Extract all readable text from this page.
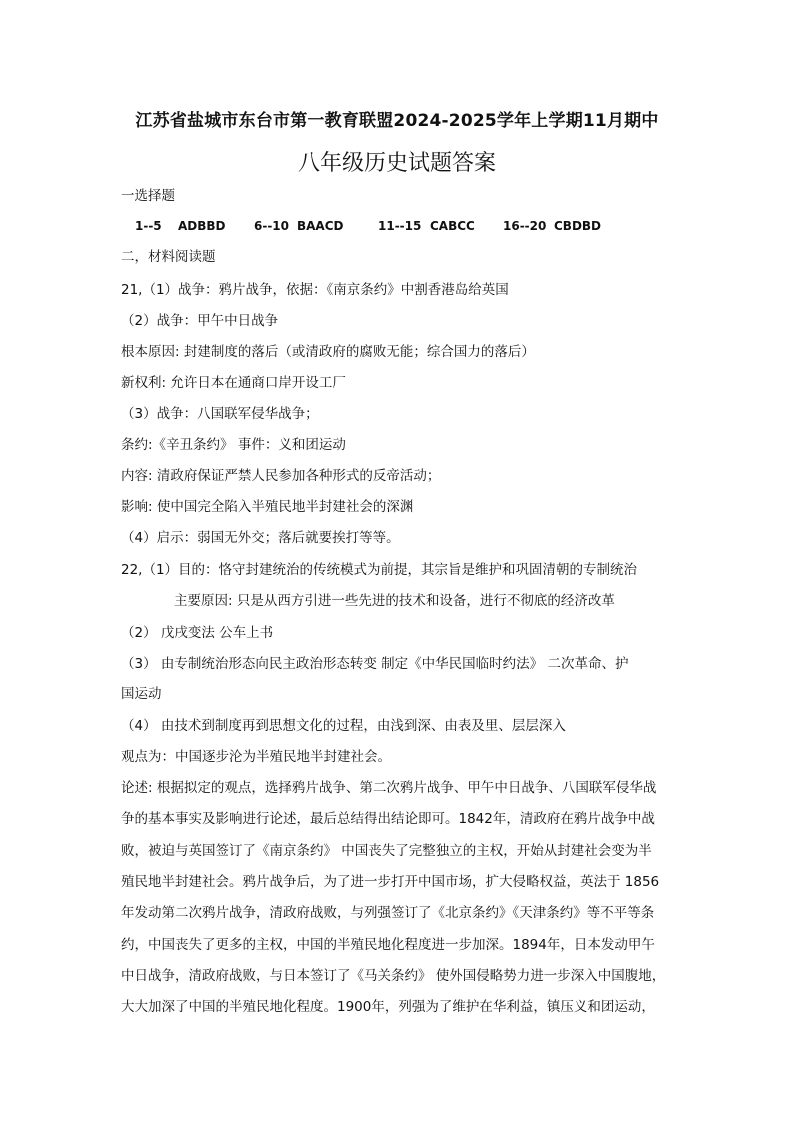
江苏省盐城市东台市第一教育联盟2024-2025学年上学期11月期中
八年级历史试题答案
一选择题
1--5 ADBBD 6--10 BAACD	11--15 CABCC 16--20 CBDBD
二，材料阅读题
21,（1）战争：鸦片战争，依据：《南京条约》中割香港岛给英国
（2）战争：甲午中日战争
根本原因: 封建制度的落后（或清政府的腐败无能；综合国力的落后）
新权利: 允许日本在通商口岸开设工厂
（3）战争：八国联军侵华战争；
条约:《辛丑条约》 事件：义和团运动
内容: 清政府保证严禁人民参加各种形式的反帝活动；
影响: 使中国完全陷入半殖民地半封建社会的深渊
（4）启示：弱国无外交；落后就要挨打等等。
22,（1）目的：恪守封建统治的传统模式为前提，其宗旨是维护和巩固清朝的专制统治
主要原因: 只是从西方引进一些先进的技术和设备，进行不彻底的经济改革
（2） 戊戌变法 公车上书
（3） 由专制统治形态向民主政治形态转变 制定《中华民国临时约法》 二次革命、护
国运动
（4） 由技术到制度再到思想文化的过程，由浅到深、由表及里、层层深入
观点为：中国逐步沦为半殖民地半封建社会。
论述: 根据拟定的观点，选择鸦片战争、第二次鸦片战争、甲午中日战争、八国联军侵华战
争的基本事实及影响进行论述，最后总结得出结论即可。1842年，清政府在鸦片战争中战
败，被迫与英国签订了《南京条约》 中国丧失了完整独立的主权，开始从封建社会变为半
殖民地半封建社会。鸦片战争后，为了进一步打开中国市场，扩大侵略权益，英法于 1856
年发动第二次鸦片战争，清政府战败，与列强签订了《北京条约》《天津条约》等不平等条
约，中国丧失了更多的主权，中国的半殖民地化程度进一步加深。1894年，日本发动甲午
中日战争，清政府战败，与日本签订了《马关条约》 使外国侵略势力进一步深入中国腹地，
大大加深了中国的半殖民地化程度。1900年，列强为了维护在华利益，镇压义和团运动，
